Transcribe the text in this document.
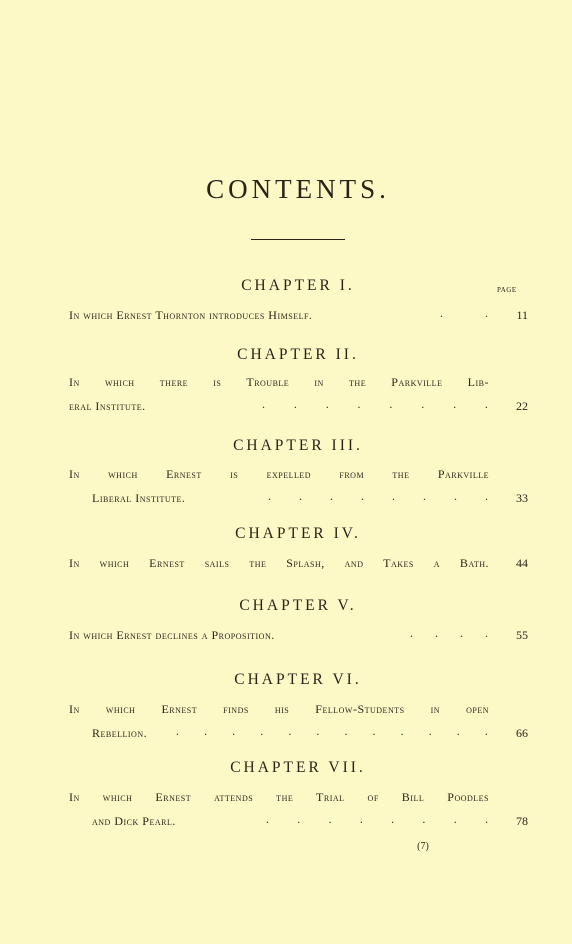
CONTENTS.
PAGE
CHAPTER I.
In which Ernest Thornton introduces Himself.	.	.	11
CHAPTER II.
In which there is Trouble in the Parkville Lib-
eral Institute.	. . . . . . . .	22
CHAPTER III.
In which Ernest is expelled from the Parkville
Liberal Institute.	. . . . . . . .	33
CHAPTER IV.
In which Ernest sails the Splash, and Takes a Bath.	44
CHAPTER V.
In which Ernest declines a Proposition.	. . . .	55
CHAPTER VI.
In which Ernest finds his Fellow-Students in open
Rebellion.	. . . . . . . . . . . .	66
CHAPTER VII.
In which Ernest attends the Trial of Bill Poodles
and Dick Pearl.	. . . . . . . .	78
(7)
